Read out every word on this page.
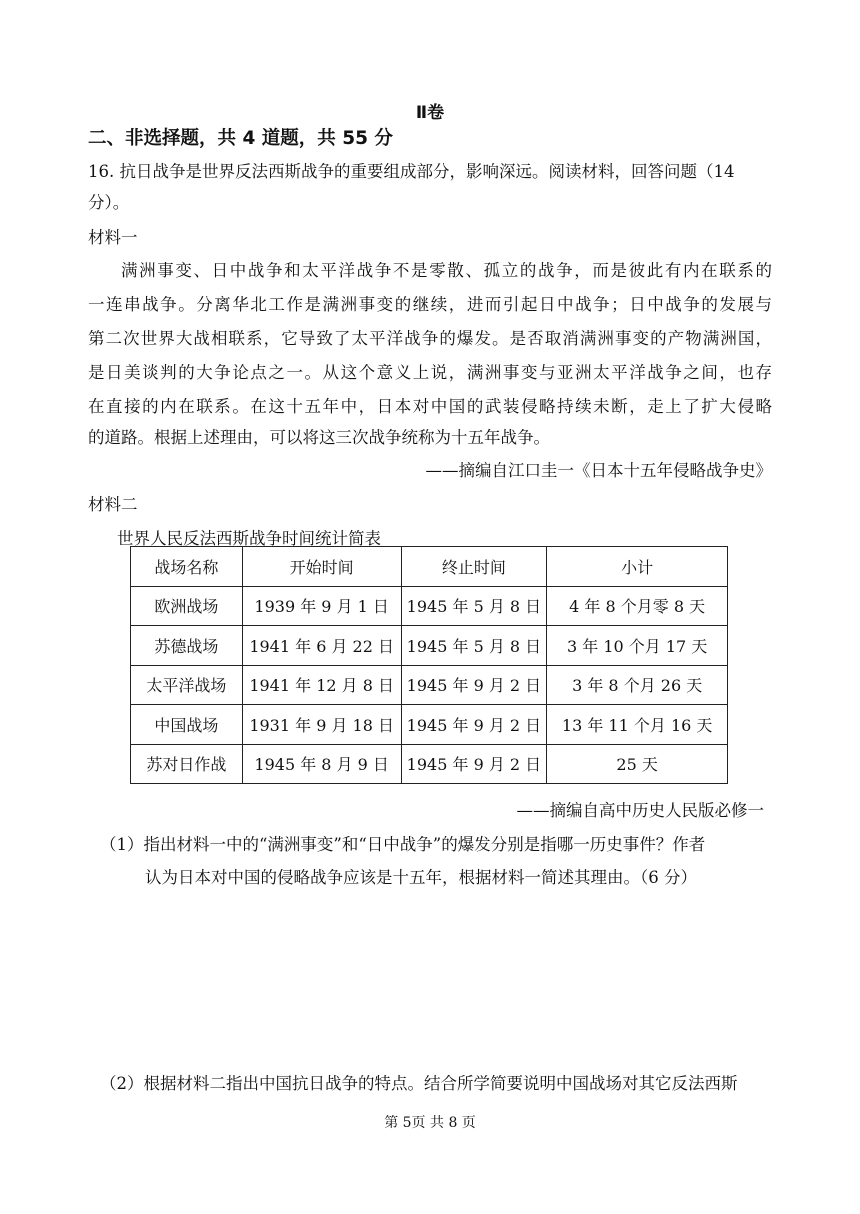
Ⅱ卷
二、非选择题，共 4 道题，共 55 分
16. 抗日战争是世界反法西斯战争的重要组成部分，影响深远。阅读材料，回答问题（14
分）。
材料一
满洲事变、日中战争和太平洋战争不是零散、孤立的战争，而是彼此有内在联系的
一连串战争。分离华北工作是满洲事变的继续，进而引起日中战争；日中战争的发展与
第二次世界大战相联系，它导致了太平洋战争的爆发。是否取消满洲事变的产物满洲国，
是日美谈判的大争论点之一。从这个意义上说，满洲事变与亚洲太平洋战争之间，也存
在直接的内在联系。在这十五年中，日本对中国的武装侵略持续未断，走上了扩大侵略
的道路。根据上述理由，可以将这三次战争统称为十五年战争。
——摘编自江口圭一《日本十五年侵略战争史》
材料二
世界人民反法西斯战争时间统计简表
战场名称	开始时间	终止时间	小计
欧洲战场	1939 年 9 月 1 日	1945 年 5 月 8 日	4 年 8 个月零 8 天
苏德战场	1941 年 6 月 22 日	1945 年 5 月 8 日	3 年 10 个月 17 天
太平洋战场	1941 年 12 月 8 日	1945 年 9 月 2 日	3 年 8 个月 26 天
中国战场	1931 年 9 月 18 日	1945 年 9 月 2 日	13 年 11 个月 16 天
苏对日作战	1945 年 8 月 9 日	1945 年 9 月 2 日	25 天
——摘编自高中历史人民版必修一
（1）指出材料一中的“满洲事变”和“日中战争”的爆发分别是指哪一历史事件？作者
认为日本对中国的侵略战争应该是十五年，根据材料一简述其理由。（6 分）
（2）根据材料二指出中国抗日战争的特点。结合所学简要说明中国战场对其它反法西斯
第 5页 共 8 页
